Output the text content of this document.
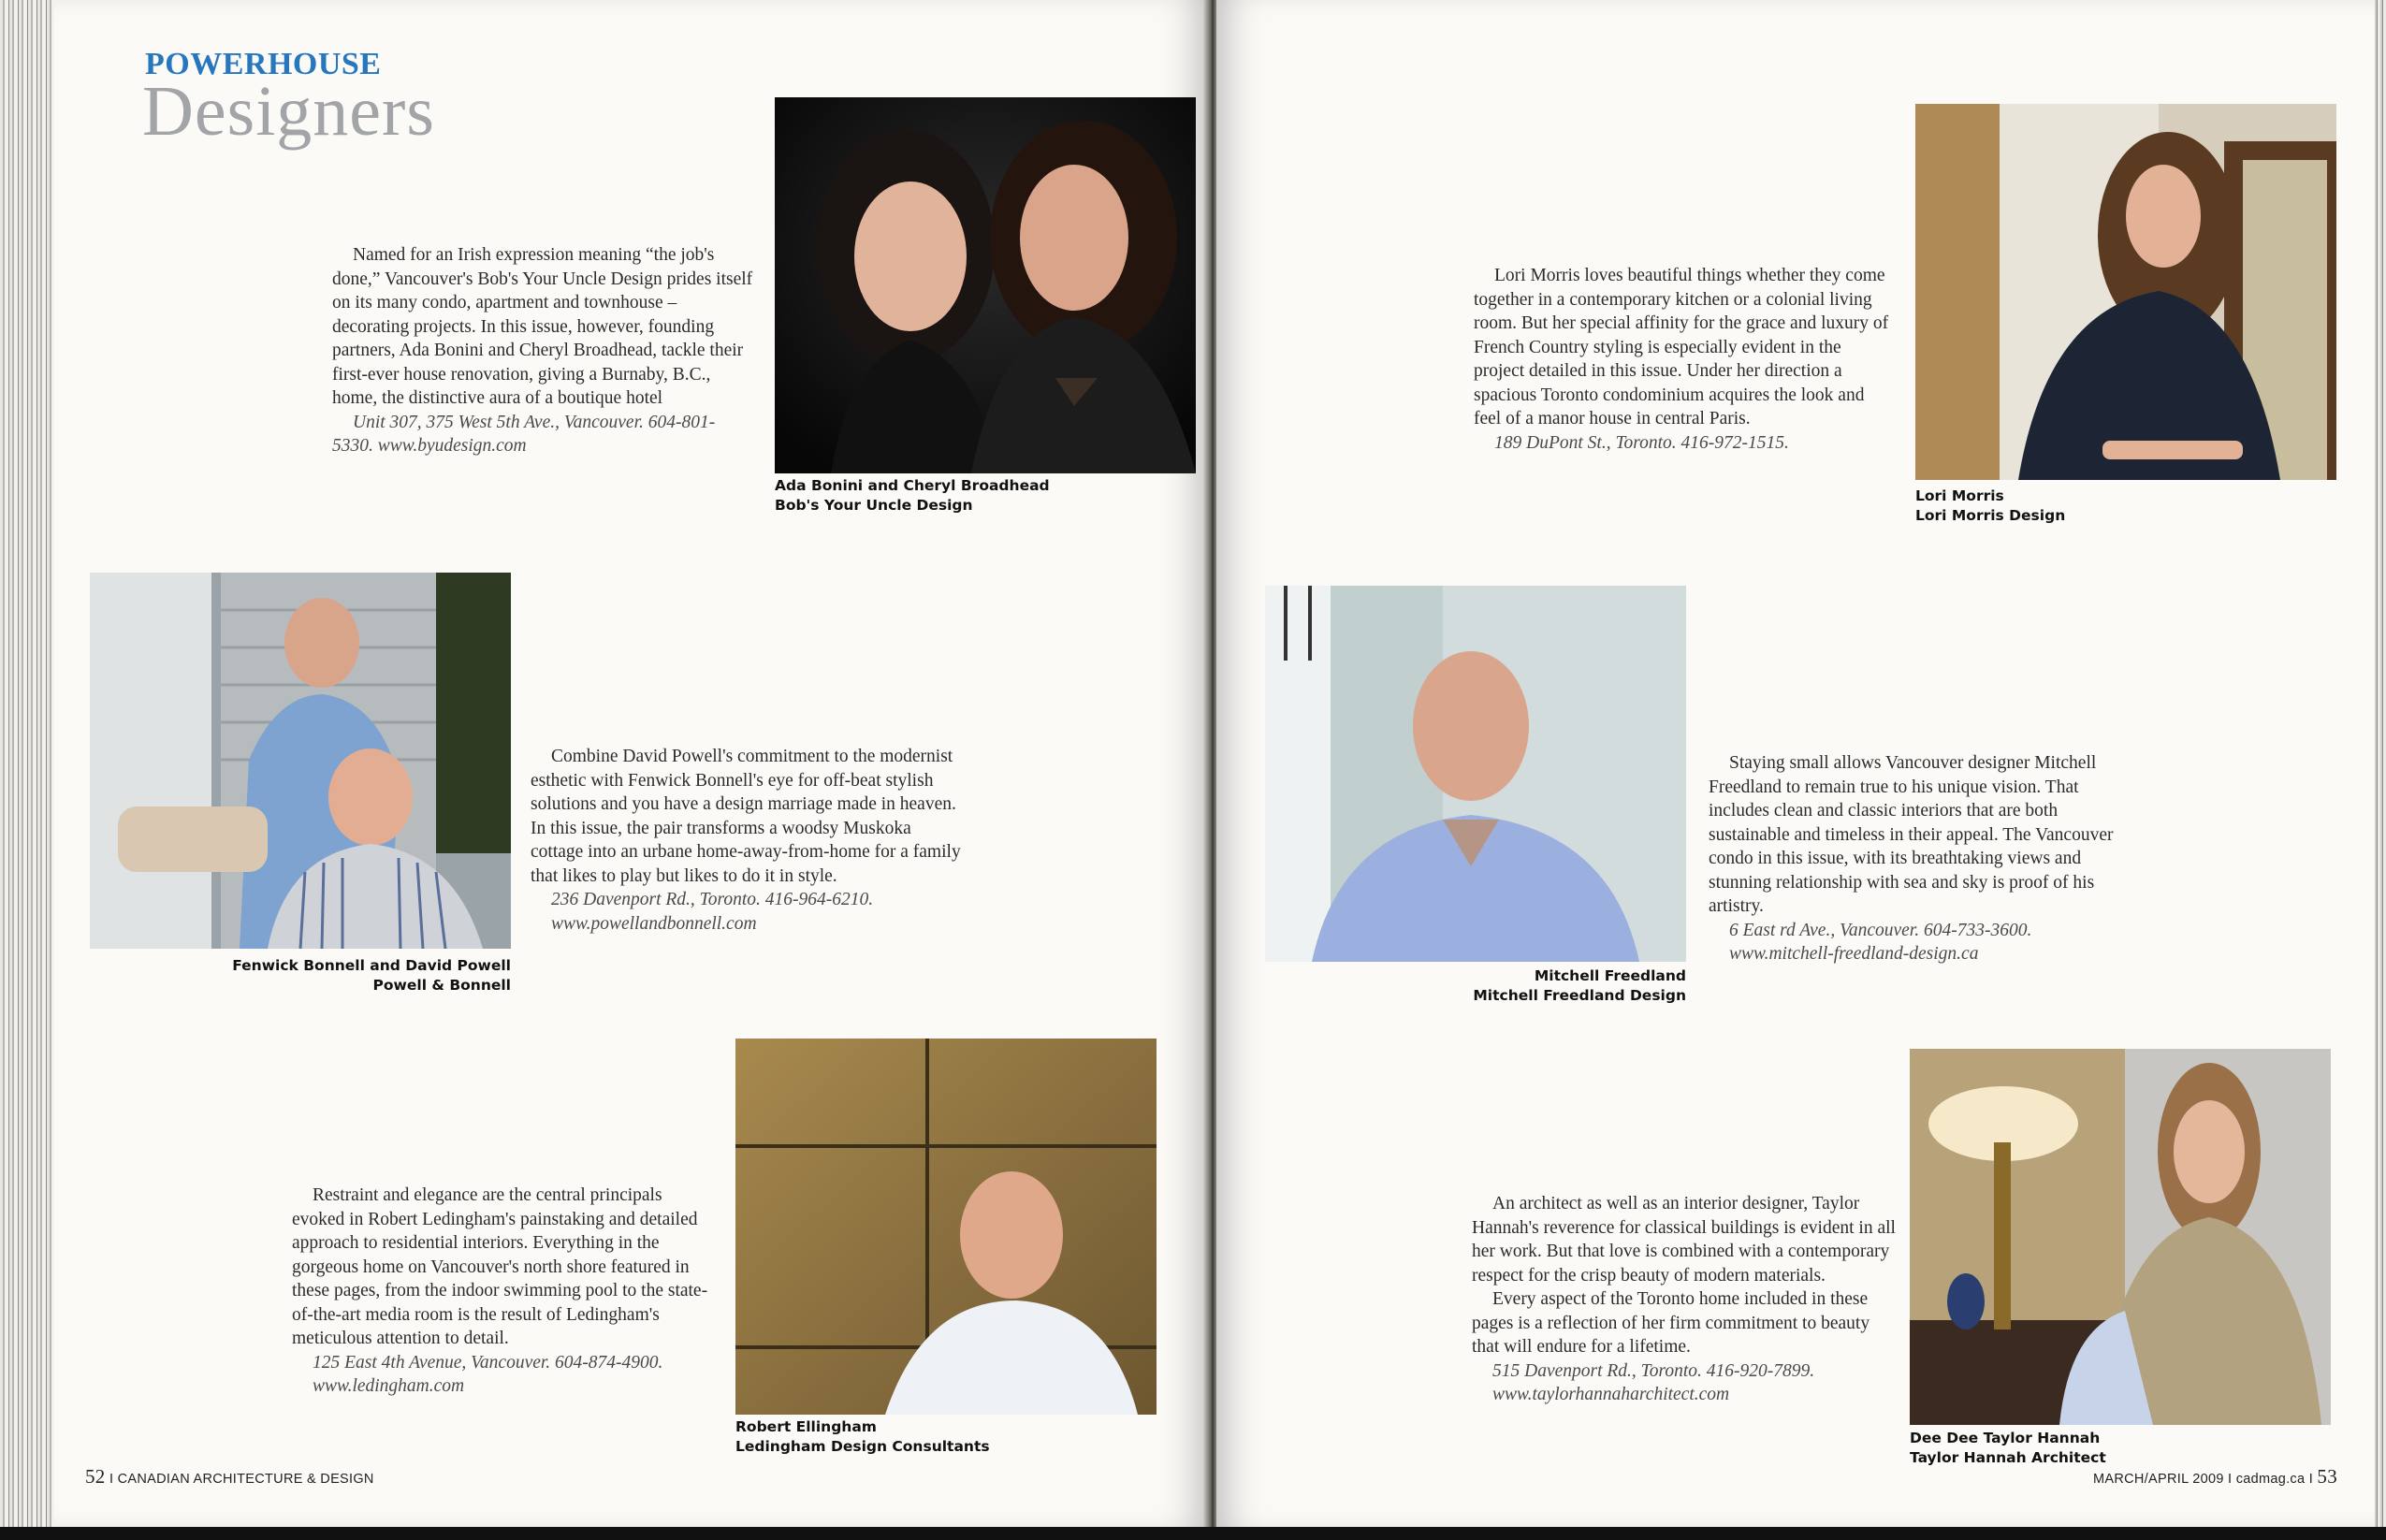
POWERHOUSE
Designers

Named for an Irish expression meaning “the job's done,” Vancouver's Bob's Your Uncle Design prides itself on its many condo, apartment and townhouse –decorating projects. In this issue, however, founding partners, Ada Bonini and Cheryl Broadhead, tackle their first-ever house renovation, giving a Burnaby, B.C., home, the distinctive aura of a boutique hotel

Unit 307, 375 West 5th Ave., Vancouver. 604-801-5330. www.byudesign.com

Ada Bonini and Cheryl Broadhead
Bob's Your Uncle Design
Fenwick Bonnell and David Powell
Powell & Bonnell

Combine David Powell's commitment to the modernist esthetic with Fenwick Bonnell's eye for off-beat stylish solutions and you have a design marriage made in heaven. In this issue, the pair transforms a woodsy Muskoka cottage into an urbane home-away-from-home for a family that likes to play but likes to do it in style.

236 Davenport Rd., Toronto. 416-964-6210.

www.powellandbonnell.com

Restraint and elegance are the central principals evoked in Robert Ledingham's painstaking and detailed approach to residential interiors. Everything in the gorgeous home on Vancouver's north shore featured in these pages, from the indoor swimming pool to the state-of-the-art media room is the result of Ledingham's meticulous attention to detail.

125 East 4th Avenue, Vancouver. 604-874-4900.

www.ledingham.com

Robert Ellingham
Ledingham Design Consultants
52 I CANADIAN ARCHITECTURE & DESIGN

Lori Morris loves beautiful things whether they come together in a contemporary kitchen or a colonial living room. But her special affinity for the grace and luxury of French Country styling is especially evident in the project detailed in this issue. Under her direction a spacious Toronto condominium acquires the look and feel of a manor house in central Paris.

189 DuPont St., Toronto. 416-972-1515.

Lori Morris
Lori Morris Design
Mitchell Freedland
Mitchell Freedland Design

Staying small allows Vancouver designer Mitchell Freedland to remain true to his unique vision. That includes clean and classic interiors that are both sustainable and timeless in their appeal. The Vancouver condo in this issue, with its breathtaking views and stunning relationship with sea and sky is proof of his artistry.

6 East rd Ave., Vancouver. 604-733-3600.

www.mitchell-freedland-design.ca

An architect as well as an interior designer, Taylor Hannah's reverence for classical buildings is evident in all her work. But that love is combined with a contemporary respect for the crisp beauty of modern materials.

Every aspect of the Toronto home included in these pages is a reflection of her firm commitment to beauty that will endure for a lifetime.

515 Davenport Rd., Toronto. 416-920-7899.

www.taylorhannaharchitect.com

Dee Dee Taylor Hannah
Taylor Hannah Architect
MARCH/APRIL 2009 I cadmag.ca I 53
